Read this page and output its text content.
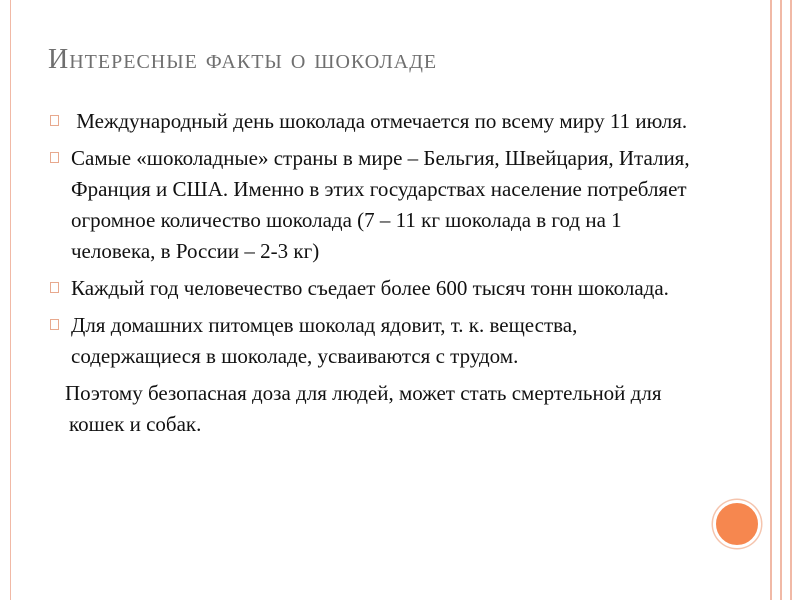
Интересные факты о шоколаде
Международный день шоколада отмечается по всему миру 11 июля.
Самые «шоколадные» страны в мире – Бельгия, Швейцария, Италия, Франция и США. Именно в этих государствах население потребляет огромное количество шоколада (7 – 11 кг шоколада в год на 1 человека, в России – 2-3 кг)
Каждый год человечество съедает более 600 тысяч тонн шоколада.
Для домашних питомцев шоколад ядовит, т. к. вещества, содержащиеся в шоколаде, усваиваются с трудом.
Поэтому безопасная доза для людей, может стать смертельной для кошек и собак.
